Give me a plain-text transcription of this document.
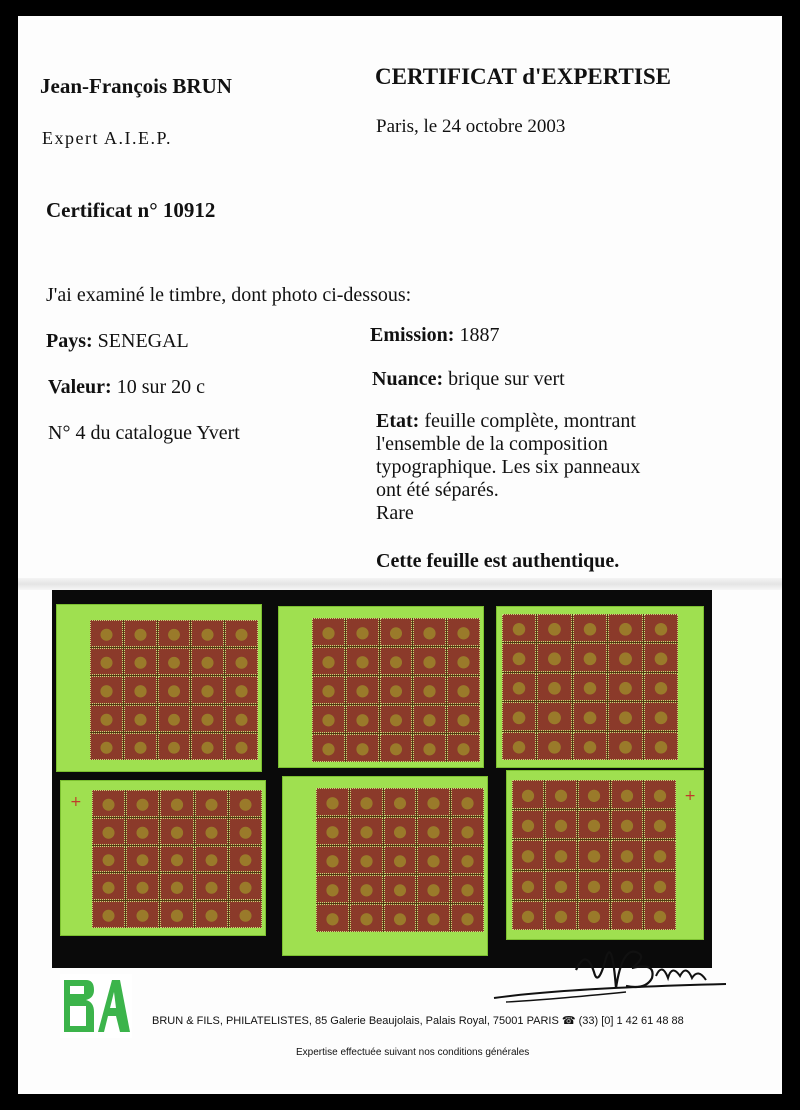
Jean-François BRUN
Expert A.I.E.P.
CERTIFICAT d'EXPERTISE
Paris, le 24 octobre 2003
Certificat n° 10912
J'ai examiné le timbre, dont photo ci-dessous:
Pays: SENEGAL
Valeur: 10 sur 20 c
N° 4 du catalogue Yvert
Emission: 1887
Nuance: brique sur vert
Etat: feuille complète, montrant
l'ensemble de la composition
typographique. Les six panneaux
ont été séparés.
Rare
Cette feuille est authentique.
+	+
BRUN & FILS, PHILATELISTES, 85 Galerie Beaujolais, Palais Royal, 75001 PARIS ☎ (33) [0] 1 42 61 48 88
Expertise effectuée suivant nos conditions générales
